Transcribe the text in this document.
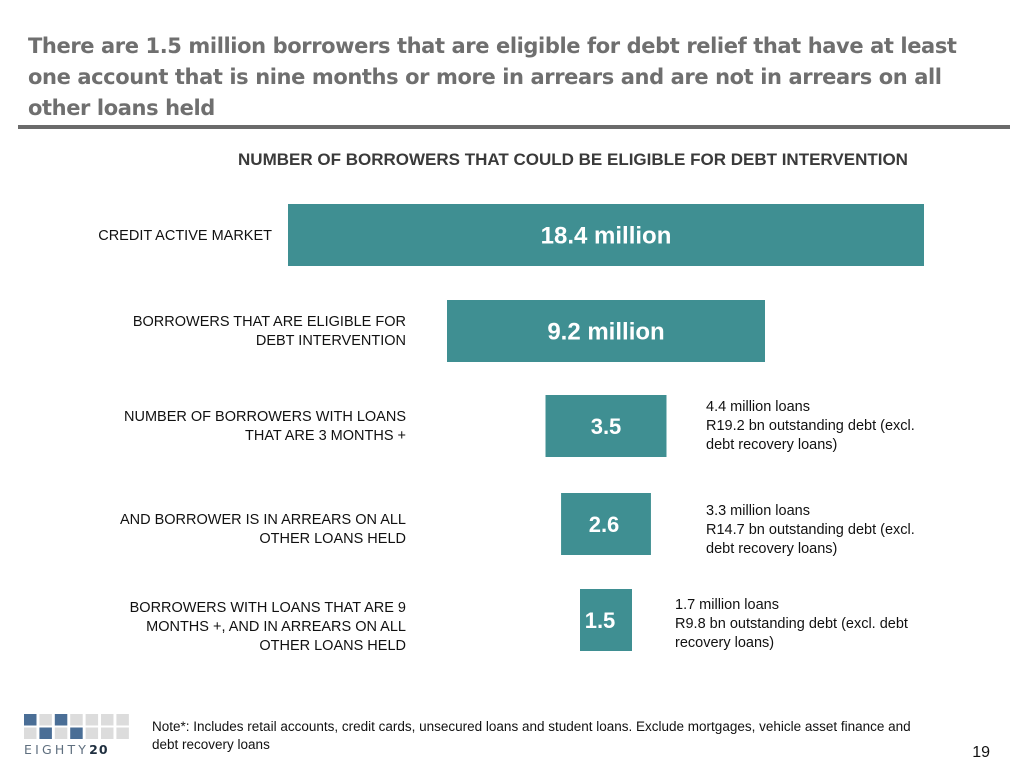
There are 1.5 million borrowers that are eligible for debt relief that have at least one account that is nine months or more in arrears and are not in arrears on all other loans held
NUMBER OF BORROWERS THAT COULD BE ELIGIBLE FOR DEBT INTERVENTION
18.4 million
9.2 million
3.5
2.6
1.5
CREDIT ACTIVE MARKET
BORROWERS THAT ARE ELIGIBLE FOR DEBT INTERVENTION
NUMBER OF BORROWERS WITH LOANS THAT ARE 3 MONTHS +
AND BORROWER IS IN ARREARS ON ALL OTHER LOANS HELD
BORROWERS WITH LOANS THAT ARE 9 MONTHS +, AND IN ARREARS ON ALL OTHER LOANS HELD
4.4 million loans
R19.2 bn outstanding debt (excl. debt recovery loans)
3.3 million loans
R14.7 bn outstanding debt (excl. debt recovery loans)
1.7 million loans
R9.8 bn outstanding debt (excl. debt recovery loans)
EIGHTY20
Note*: Includes retail accounts, credit cards, unsecured loans and student loans. Exclude mortgages, vehicle asset finance and debt recovery loans	19
